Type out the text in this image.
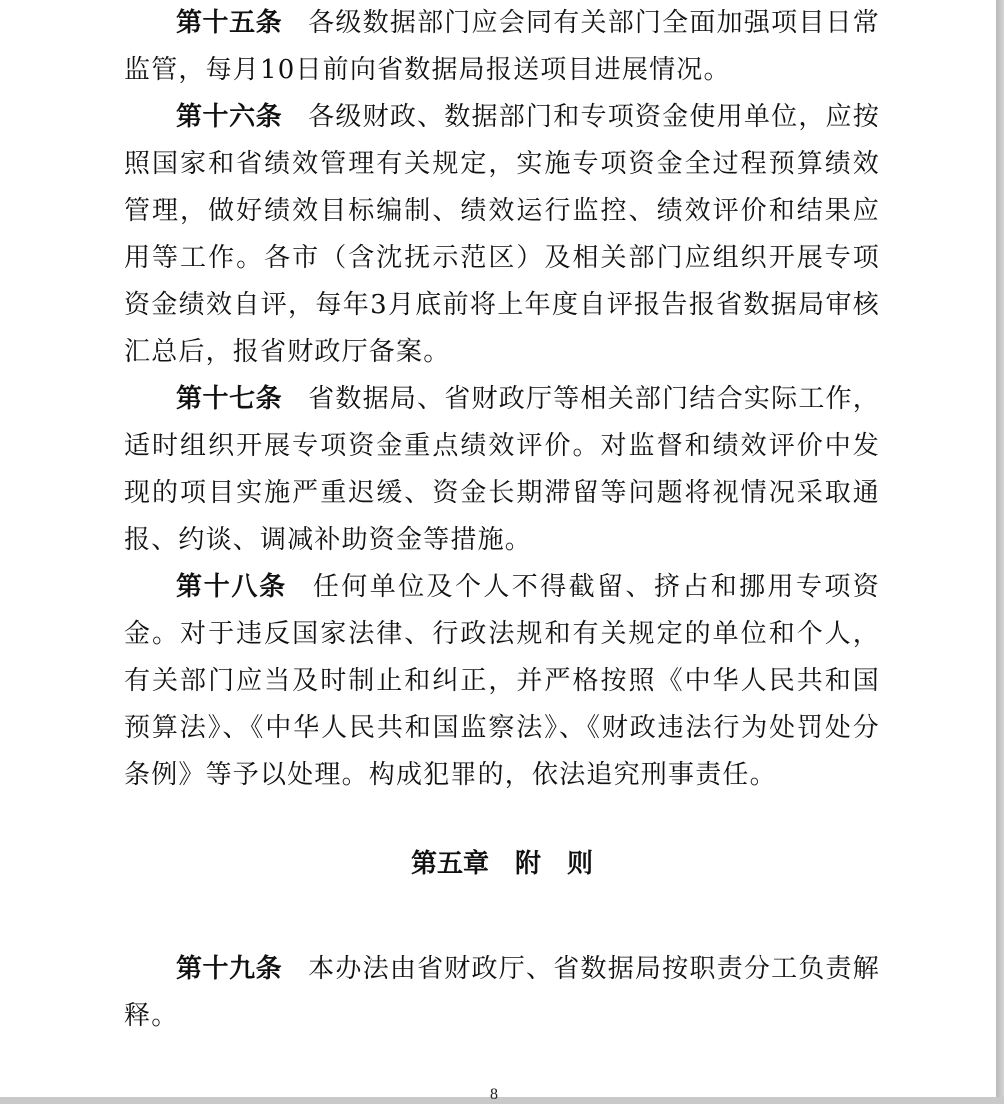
第十五条 各级数据部门应会同有关部门全面加强项目日常监管，每月10日前向省数据局报送项目进展情况。

第十六条 各级财政、数据部门和专项资金使用单位，应按照国家和省绩效管理有关规定，实施专项资金全过程预算绩效管理，做好绩效目标编制、绩效运行监控、绩效评价和结果应用等工作。各市（含沈抚示范区）及相关部门应组织开展专项资金绩效自评，每年3月底前将上年度自评报告报省数据局审核汇总后，报省财政厅备案。

第十七条 省数据局、省财政厅等相关部门结合实际工作，适时组织开展专项资金重点绩效评价。对监督和绩效评价中发现的项目实施严重迟缓、资金长期滞留等问题将视情况采取通报、约谈、调减补助资金等措施。

第十八条 任何单位及个人不得截留、挤占和挪用专项资金。对于违反国家法律、行政法规和有关规定的单位和个人，有关部门应当及时制止和纠正，并严格按照《中华人民共和国预算法》、《中华人民共和国监察法》、《财政违法行为处罚处分条例》等予以处理。构成犯罪的，依法追究刑事责任。

第五章 附　则

第十九条 本办法由省财政厅、省数据局按职责分工负责解释。

8
